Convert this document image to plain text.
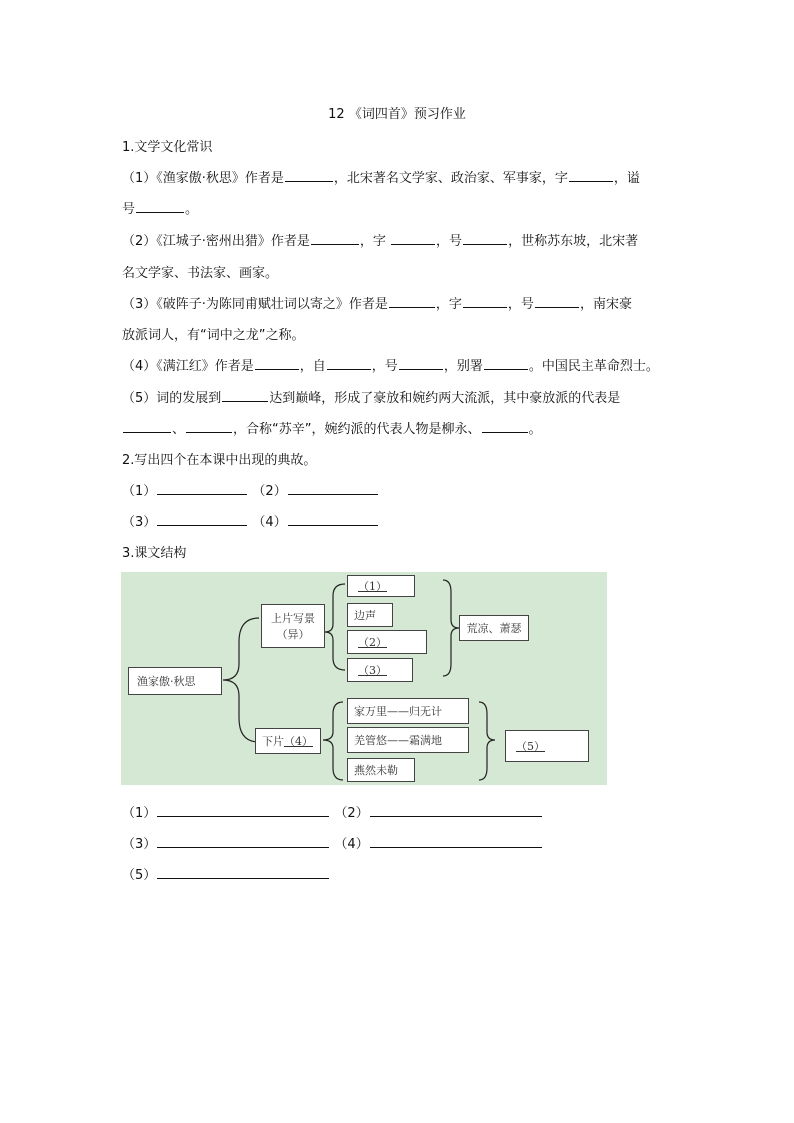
12 《词四首》预习作业
1.文学文化常识
（1）《渔家傲·秋思》作者是	，北宋著名文学家、政治家、军事家，字	，谥
号	。
（2）《江城子·密州出猎》作者是	，字	，号	，世称苏东坡，北宋著
名文学家、书法家、画家。
（3）《破阵子·为陈同甫赋壮词以寄之》作者是	，字	，号	，南宋豪
放派词人，有“词中之龙”之称。
（4）《满江红》作者是	，自	，号	，别署	。中国民主革命烈士。
（5）词的发展到	达到巅峰，形成了豪放和婉约两大流派，其中豪放派的代表是
、	，合称“苏辛”，婉约派的代表人物是柳永、	。
2.写出四个在本课中出现的典故。
（1）	（2）
（3）	（4）
3.课文结构
渔家傲·秋思
上片写景
（异）
（1）
边声
（2）
（3）
荒凉、萧瑟
下片 （4）
家万里——归无计
羌管悠——霜满地
燕然未勒
（5）
（1）	（2）
（3）	（4）
（5）
